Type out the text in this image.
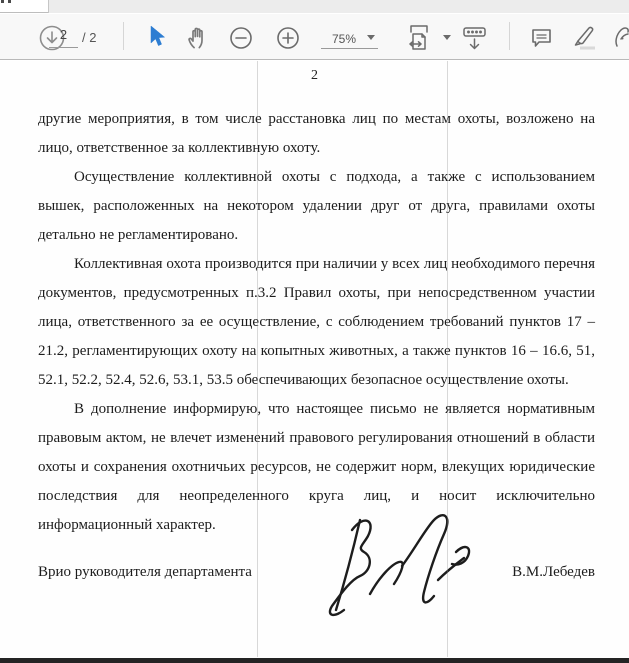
2	/ 2	75%
2

другие мероприятия, в том числе расстановка лиц по местам охоты, возложено на лицо, ответственное за коллективную охоту.

Осуществление коллективной охоты с подхода, а также с использованием вышек, расположенных на некотором удалении друг от друга, правилами охоты детально не регламентировано.

Коллективная охота производится при наличии у всех лиц необходимого перечня документов, предусмотренных п.3.2 Правил охоты, при непосредственном участии лица, ответственного за ее осуществление, с соблюдением требований пунктов 17 – 21.2, регламентирующих охоту на копытных животных, а также пунктов 16 – 16.6, 51, 52.1, 52.2, 52.4, 52.6, 53.1, 53.5 обеспечивающих безопасное осуществление охоты.

В дополнение информирую, что настоящее письмо не является нормативным правовым актом, не влечет изменений правового регулирования отношений в области охоты и сохранения охотничьих ресурсов, не содержит норм, влекущих юридические последствия для неопределенного круга лиц, и носит исключительно информационный характер.

Врио руководителя департамента	В.М.Лебедев
